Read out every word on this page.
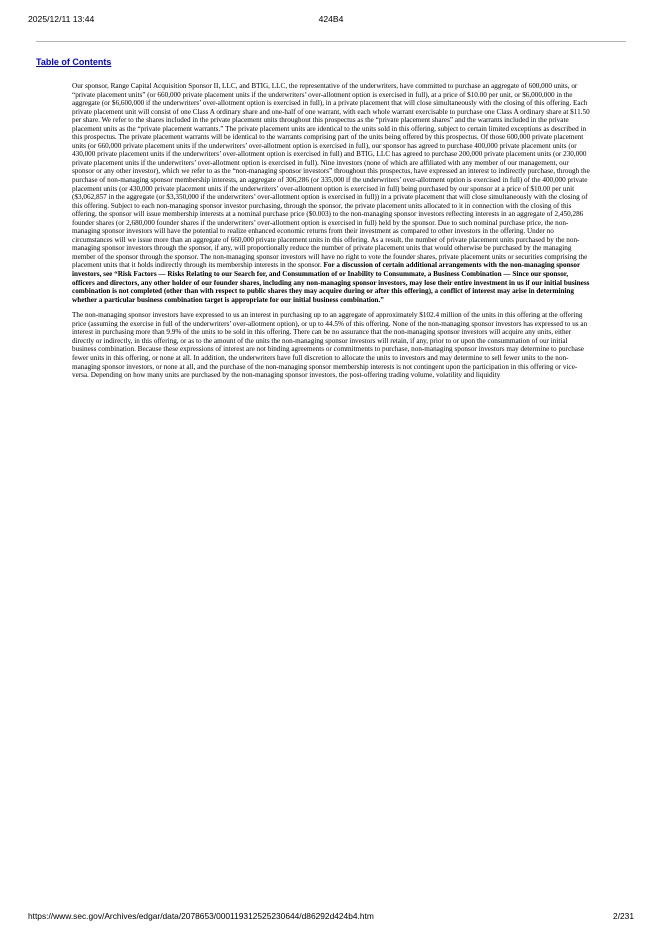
2025/12/11 13:44	424B4
Table of Contents

Our sponsor, Range Capital Acquisition Sponsor II, LLC, and BTIG, LLC, the representative of the underwriters, have committed to purchase an aggregate of 600,000 units, or “private placement units” (or 660,000 private placement units if the underwriters’ over-allotment option is exercised in full), at a price of $10.00 per unit, or $6,000,000 in the aggregate (or $6,600,000 if the underwriters’ over-allotment option is exercised in full), in a private placement that will close simultaneously with the closing of this offering. Each private placement unit will consist of one Class A ordinary share and one-half of one warrant, with each whole warrant exercisable to purchase one Class A ordinary share at $11.50 per share. We refer to the shares included in the private placement units throughout this prospectus as the “private placement shares” and the warrants included in the private placement units as the “private placement warrants.” The private placement units are identical to the units sold in this offering, subject to certain limited exceptions as described in this prospectus. The private placement warrants will be identical to the warrants comprising part of the units being offered by this prospectus. Of those 600,000 private placement units (or 660,000 private placement units if the underwriters’ over-allotment option is exercised in full), our sponsor has agreed to purchase 400,000 private placement units (or 430,000 private placement units if the underwriters’ over-allotment option is exercised in full) and BTIG, LLC has agreed to purchase 200,000 private placement units (or 230,000 private placement units if the underwriters’ over-allotment option is exercised in full). Nine investors (none of which are affiliated with any member of our management, our sponsor or any other investor), which we refer to as the “non-managing sponsor investors” throughout this prospectus, have expressed an interest to indirectly purchase, through the purchase of non-managing sponsor membership interests, an aggregate of 306,286 (or 335,000 if the underwriters’ over-allotment option is exercised in full) of the 400,000 private placement units (or 430,000 private placement units if the underwriters’ over-allotment option is exercised in full) being purchased by our sponsor at a price of $10.00 per unit ($3,062,857 in the aggregate (or $3,350,000 if the underwriters’ over-allotment option is exercised in full)) in a private placement that will close simultaneously with the closing of this offering. Subject to each non-managing sponsor investor purchasing, through the sponsor, the private placement units allocated to it in connection with the closing of this offering, the sponsor will issue membership interests at a nominal purchase price ($0.003) to the non-managing sponsor investors reflecting interests in an aggregate of 2,450,286 founder shares (or 2,680,000 founder shares if the underwriters’ over-allotment option is exercised in full) held by the sponsor. Due to such nominal purchase price, the non-managing sponsor investors will have the potential to realize enhanced economic returns from their investment as compared to other investors in the offering. Under no circumstances will we issue more than an aggregate of 660,000 private placement units in this offering. As a result, the number of private placement units purchased by the non-managing sponsor investors through the sponsor, if any, will proportionally reduce the number of private placement units that would otherwise be purchased by the managing member of the sponsor through the sponsor. The non-managing sponsor investors will have no right to vote the founder shares, private placement units or securities comprising the placement units that it holds indirectly through its membership interests in the sponsor. For a discussion of certain additional arrangements with the non-managing sponsor investors, see “Risk Factors — Risks Relating to our Search for, and Consummation of or Inability to Consummate, a Business Combination — Since our sponsor, officers and directors, any other holder of our founder shares, including any non-managing sponsor investors, may lose their entire investment in us if our initial business combination is not completed (other than with respect to public shares they may acquire during or after this offering), a conflict of interest may arise in determining whether a particular business combination target is appropriate for our initial business combination.”

The non-managing sponsor investors have expressed to us an interest in purchasing up to an aggregate of approximately $102.4 million of the units in this offering at the offering price (assuming the exercise in full of the underwriters’ over-allotment option), or up to 44.5% of this offering. None of the non-managing sponsor investors has expressed to us an interest in purchasing more than 9.9% of the units to be sold in this offering. There can be no assurance that the non-managing sponsor investors will acquire any units, either directly or indirectly, in this offering, or as to the amount of the units the non-managing sponsor investors will retain, if any, prior to or upon the consummation of our initial business combination. Because these expressions of interest are not binding agreements or commitments to purchase, non-managing sponsor investors may determine to purchase fewer units in this offering, or none at all. In addition, the underwriters have full discretion to allocate the units to investors and may determine to sell fewer units to the non-managing sponsor investors, or none at all, and the purchase of the non-managing sponsor membership interests is not contingent upon the participation in this offering or vice-versa. Depending on how many units are purchased by the non-managing sponsor investors, the post-offering trading volume, volatility and liquidity

https://www.sec.gov/Archives/edgar/data/2078653/000119312525230644/d86292d424b4.htm	2/231
